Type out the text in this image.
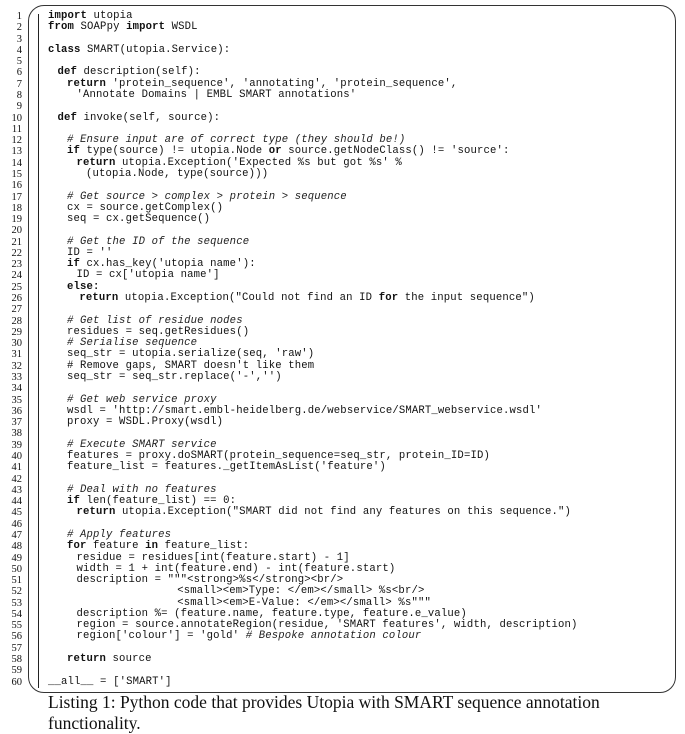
1 import utopia
2 from SOAPpy import WSDL
3
4 class SMART(utopia.Service):
5
6	def description(self):
7	return 'protein_sequence', 'annotating', 'protein_sequence',
8	'Annotate Domains | EMBL SMART annotations'
9
10	def invoke(self, source):
11
12	# Ensure input are of correct type (they should be!)
13	if type(source) != utopia.Node or source.getNodeClass() != 'source':
14	return utopia.Exception('Expected %s but got %s' %
15	(utopia.Node, type(source)))
16
17	# Get source > complex > protein > sequence
18	cx = source.getComplex()
19	seq = cx.getSequence()
20
21	# Get the ID of the sequence
22	ID = ''
23	if cx.has_key('utopia name'):
24	ID = cx['utopia name']
25	else:
26	return utopia.Exception("Could not find an ID for the input sequence")
27
28	# Get list of residue nodes
29	residues = seq.getResidues()
30	# Serialise sequence
31	seq_str = utopia.serialize(seq, 'raw')
32	# Remove gaps, SMART doesn't like them
33	seq_str = seq_str.replace('-','')
34
35	# Get web service proxy
36	wsdl = 'http://smart.embl-heidelberg.de/webservice/SMART_webservice.wsdl'
37	proxy = WSDL.Proxy(wsdl)
38
39	# Execute SMART service
40	features = proxy.doSMART(protein_sequence=seq_str, protein_ID=ID)
41	feature_list = features._getItemAsList('feature')
42
43	# Deal with no features
44	if len(feature_list) == 0:
45	return utopia.Exception("SMART did not find any features on this sequence.")
46
47	# Apply features
48	for feature in feature_list:
49	residue = residues[int(feature.start) - 1]
50	width = 1 + int(feature.end) - int(feature.start)
51	description = """<strong>%s</strong><br/>
52	<small><em>Type: </em></small> %s<br/>
53	<small><em>E-Value: </em></small> %s"""
54	description %= (feature.name, feature.type, feature.e_value)
55	region = source.annotateRegion(residue, 'SMART features', width, description)
56	region['colour'] = 'gold' # Bespoke annotation colour
57
58	return source
59
60 __all__ = ['SMART']
Listing 1: Python code that provides Utopia with SMART sequence annotation functionality.
